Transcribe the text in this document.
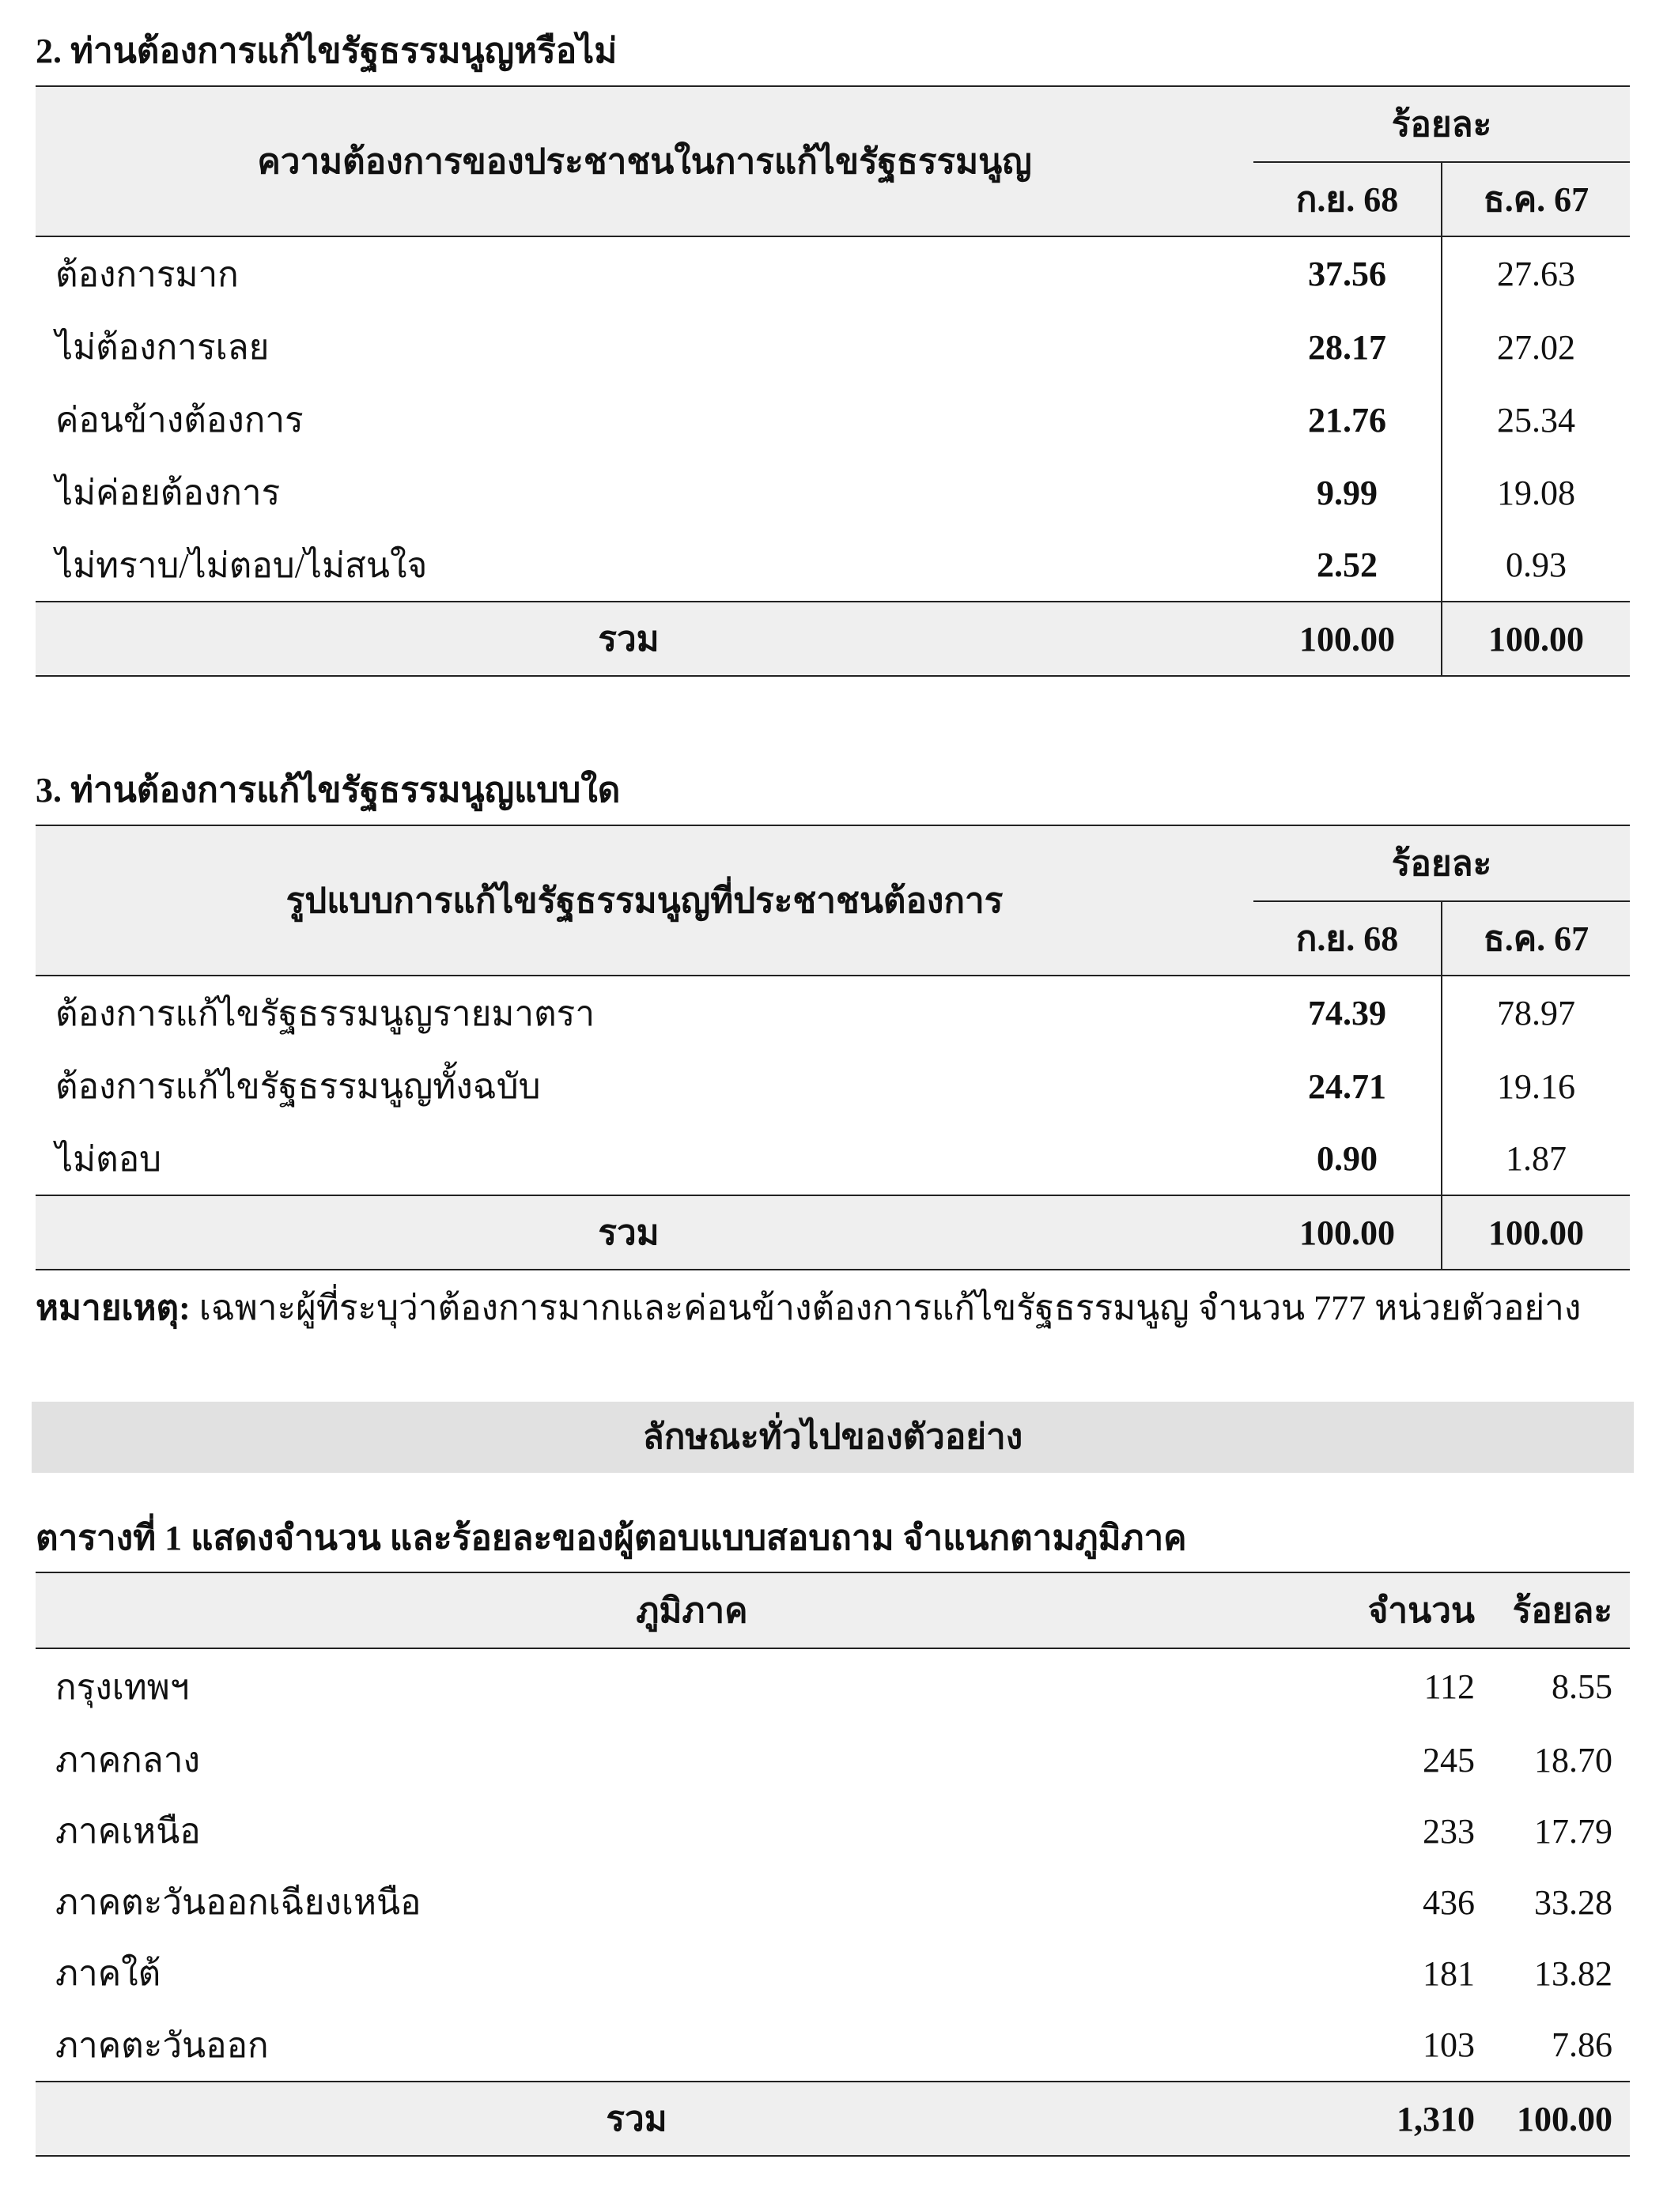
2. ท่านต้องการแก้ไขรัฐธรรมนูญหรือไม่
ความต้องการของประชาชนในการแก้ไขรัฐธรรมนูญ	ร้อยละ	
	ก.ย. 68	ธ.ค. 67
ต้องการมาก	37.56	27.63
ไม่ต้องการเลย	28.17	27.02
ค่อนข้างต้องการ	21.76	25.34
ไม่ค่อยต้องการ	9.99	19.08
ไม่ทราบ/ไม่ตอบ/ไม่สนใจ	2.52	0.93
รวม	100.00	100.00
3. ท่านต้องการแก้ไขรัฐธรรมนูญแบบใด
รูปแบบการแก้ไขรัฐธรรมนูญที่ประชาชนต้องการ	ร้อยละ	
	ก.ย. 68	ธ.ค. 67
ต้องการแก้ไขรัฐธรรมนูญรายมาตรา	74.39	78.97
ต้องการแก้ไขรัฐธรรมนูญทั้งฉบับ	24.71	19.16
ไม่ตอบ	0.90	1.87
รวม	100.00	100.00
หมายเหตุ: เฉพาะผู้ที่ระบุว่าต้องการมากและค่อนข้างต้องการแก้ไขรัฐธรรมนูญ จำนวน 777 หน่วยตัวอย่าง
ลักษณะทั่วไปของตัวอย่าง
ตารางที่ 1 แสดงจำนวน และร้อยละของผู้ตอบแบบสอบถาม จำแนกตามภูมิภาค
ภูมิภาค	จำนวน	ร้อยละ
กรุงเทพฯ	112	8.55
ภาคกลาง	245	18.70
ภาคเหนือ	233	17.79
ภาคตะวันออกเฉียงเหนือ	436	33.28
ภาคใต้	181	13.82
ภาคตะวันออก	103	7.86
รวม	1,310	100.00
